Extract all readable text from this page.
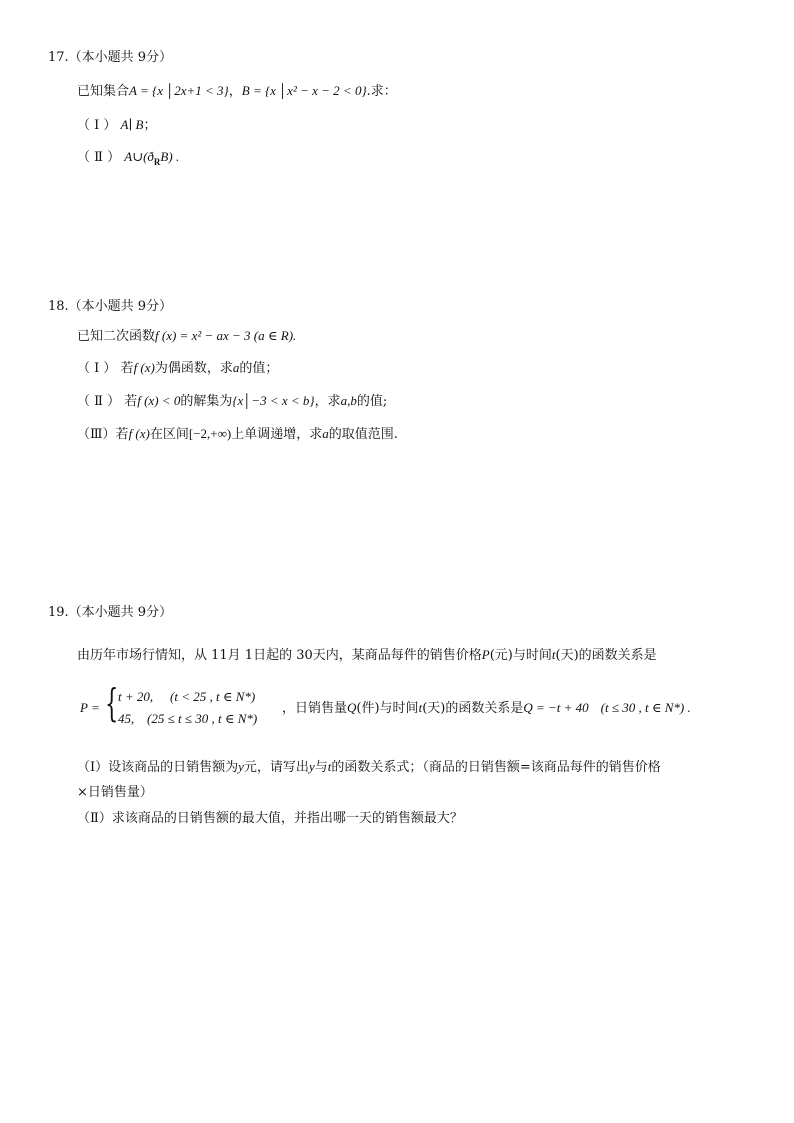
17.（本小题共 9分）
已知集合A = {x │2x+1 < 3}，B = {x │x² − x − 2 < 0}.求：
（ Ⅰ ） A∣ B；
（ Ⅱ ） $A\cup(ð_RB)$ .
18.（本小题共 9分）
已知二次函数f (x) = x² − ax − 3 (a ∈ R).
（ Ⅰ ） 若f (x)为偶函数，求a的值；
（ Ⅱ ） 若f (x) < 0的解集为{x│−3 < x < b}，求a,b的值;
（Ⅲ）若f (x)在区间[−2,+∞)上单调递增，求a的取值范围.
19.（本小题共 9分）
由历年市场行情知，从 11月 1日起的 30天内，某商品每件的销售价格P(元)与时间t(天)的函数关系是
P = { t + 20, (t < 25 , t ∈ N*)
45, (25 ≤ t ≤ 30 , t ∈ N*)
，日销售量Q(件)与时间t(天)的函数关系是Q = −t + 40 (t ≤ 30 , t ∈ N*) .
（Ⅰ）设该商品的日销售额为y元，请写出y与t的函数关系式；（商品的日销售额=该商品每件的销售价格
×日销售量）
（Ⅱ）求该商品的日销售额的最大值，并指出哪一天的销售额最大？
